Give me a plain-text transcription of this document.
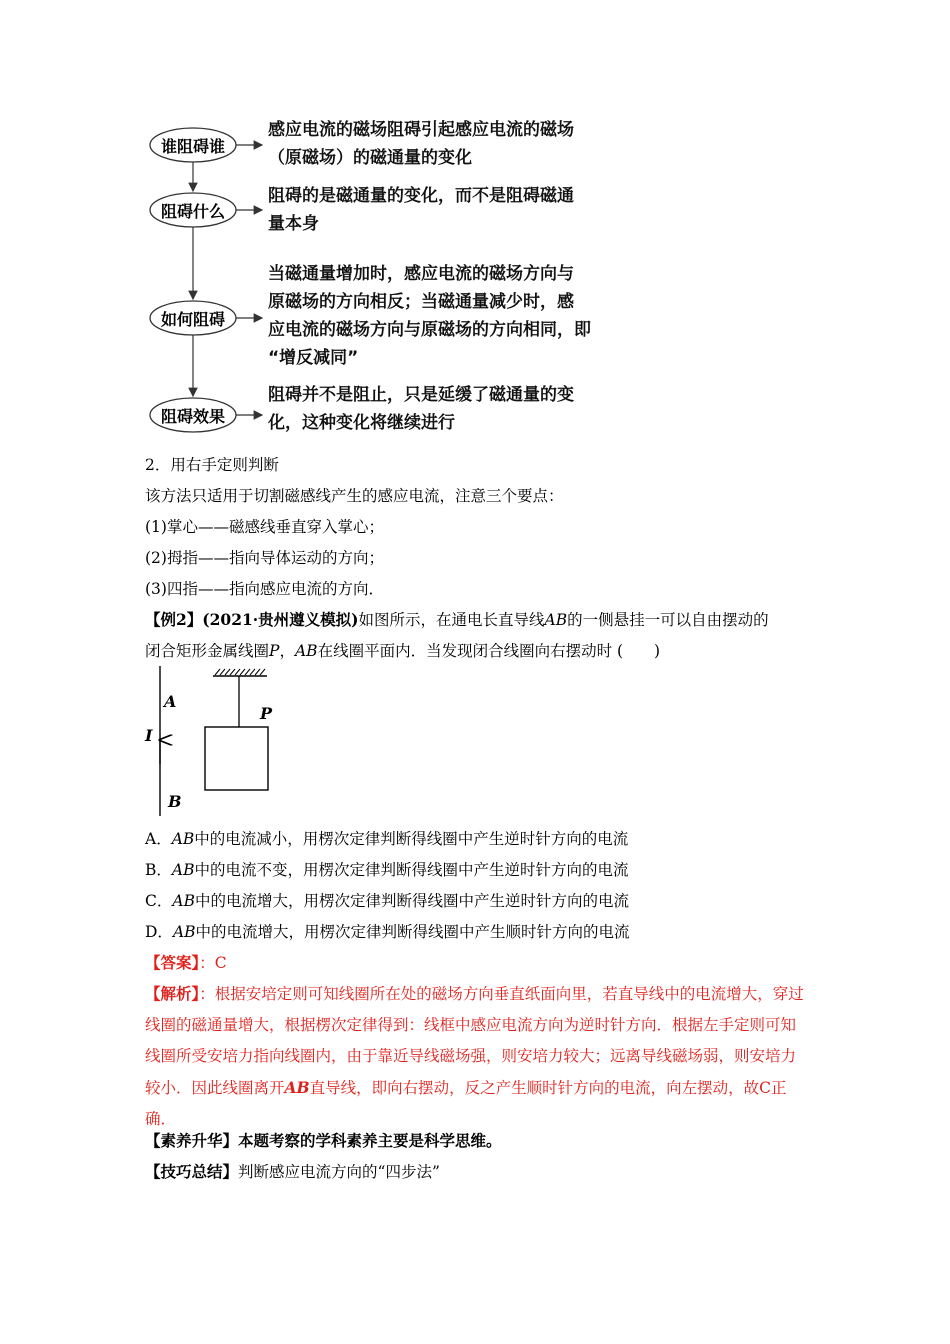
谁阻碍谁
阻碍什么
如何阻碍
阻碍效果
感应电流的磁场阻碍引起感应电流的磁场
（原磁场）的磁通量的变化
阻碍的是磁通量的变化，而不是阻碍磁通
量本身
当磁通量增加时，感应电流的磁场方向与
原磁场的方向相反；当磁通量减少时，感
应电流的磁场方向与原磁场的方向相同，即
“增反减同”
阻碍并不是阻止，只是延缓了磁通量的变
化，这种变化将继续进行
2．用右手定则判断
该方法只适用于切割磁感线产生的感应电流，注意三个要点：
(1)掌心——磁感线垂直穿入掌心；
(2)拇指——指向导体运动的方向；
(3)四指——指向感应电流的方向．
【例2】(2021·贵州遵义模拟)如图所示，在通电长直导线AB的一侧悬挂一可以自由摆动的
闭合矩形金属线圈P，AB在线圈平面内．当发现闭合线圈向右摆动时 (　　)
A
I
B
P
A．AB中的电流减小，用楞次定律判断得线圈中产生逆时针方向的电流
B．AB中的电流不变，用楞次定律判断得线圈中产生逆时针方向的电流
C．AB中的电流增大，用楞次定律判断得线圈中产生逆时针方向的电流
D．AB中的电流增大，用楞次定律判断得线圈中产生顺时针方向的电流
【答案】：C
【解析】：根据安培定则可知线圈所在处的磁场方向垂直纸面向里，若直导线中的电流增大，穿过线圈的磁通量增大，根据楞次定律得到：线框中感应电流方向为逆时针方向．根据左手定则可知线圈所受安培力指向线圈内，由于靠近导线磁场强，则安培力较大；远离导线磁场弱，则安培力较小．因此线圈离开AB直导线，即向右摆动，反之产生顺时针方向的电流，向左摆动，故C正确．
【素养升华】本题考察的学科素养主要是科学思维。
【技巧总结】判断感应电流方向的“四步法”
